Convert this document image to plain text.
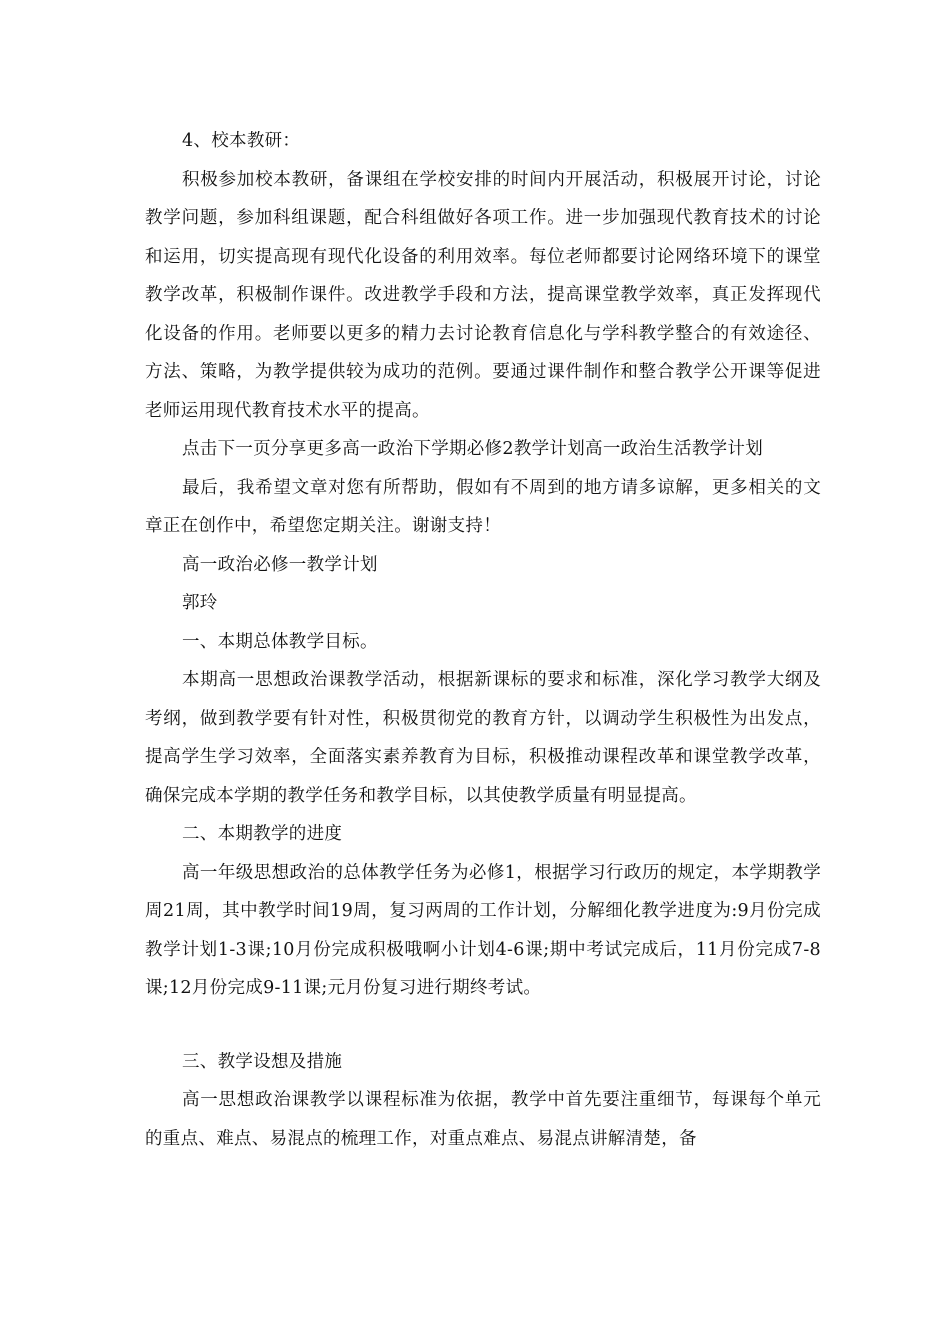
4、校本教研：

积极参加校本教研，备课组在学校安排的时间内开展活动，积极展开讨论，讨论教学问题，参加科组课题，配合科组做好各项工作。进一步加强现代教育技术的讨论和运用，切实提高现有现代化设备的利用效率。每位老师都要讨论网络环境下的课堂教学改革，积极制作课件。改进教学手段和方法，提高课堂教学效率，真正发挥现代化设备的作用。老师要以更多的精力去讨论教育信息化与学科教学整合的有效途径、方法、策略，为教学提供较为成功的范例。要通过课件制作和整合教学公开课等促进老师运用现代教育技术水平的提高。

点击下一页分享更多高一政治下学期必修2教学计划高一政治生活教学计划

最后，我希望文章对您有所帮助，假如有不周到的地方请多谅解，更多相关的文章正在创作中，希望您定期关注。谢谢支持！

高一政治必修一教学计划

郭玲

一、本期总体教学目标。

本期高一思想政治课教学活动，根据新课标的要求和标准，深化学习教学大纲及考纲，做到教学要有针对性，积极贯彻党的教育方针，以调动学生积极性为出发点，提高学生学习效率，全面落实素养教育为目标，积极推动课程改革和课堂教学改革，确保完成本学期的教学任务和教学目标，以其使教学质量有明显提高。

二、本期教学的进度

高一年级思想政治的总体教学任务为必修1，根据学习行政历的规定，本学期教学周21周，其中教学时间19周，复习两周的工作计划，分解细化教学进度为:9月份完成教学计划1-3课;10月份完成积极哦啊小计划4-6课;期中考试完成后，11月份完成7-8课;12月份完成9-11课;元月份复习进行期终考试。

三、教学设想及措施

高一思想政治课教学以课程标准为依据，教学中首先要注重细节，每课每个单元的重点、难点、易混点的梳理工作，对重点难点、易混点讲解清楚，备
